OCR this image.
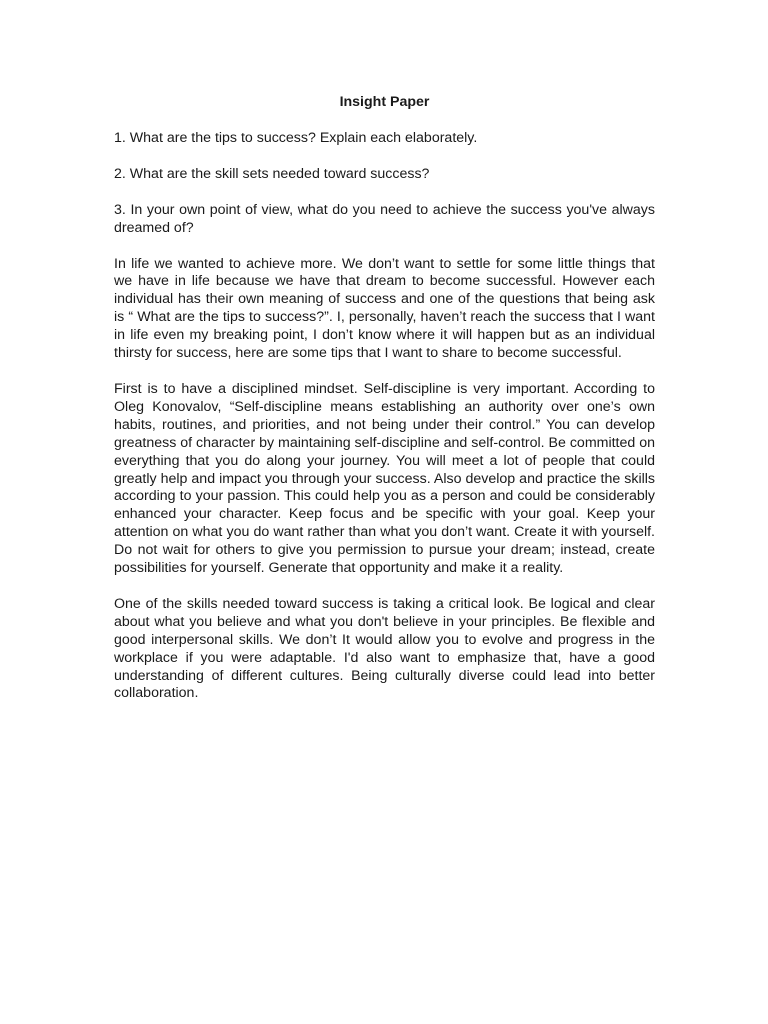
Insight Paper
1. What are the tips to success? Explain each elaborately.
2. What are the skill sets needed toward success?
3. In your own point of view, what do you need to achieve the success you've always dreamed of?

In life we wanted to achieve more. We don’t want to settle for some little things that we have in life because we have that dream to become successful. However each individual has their own meaning of success and one of the questions that being ask is “ What are the tips to success?”. I, personally, haven’t reach the success that I want in life even my breaking point, I don’t know where it will happen but as an individual thirsty for success, here are some tips that I want to share to become successful.

First is to have a disciplined mindset. Self-discipline is very important. According to Oleg Konovalov, “Self-discipline means establishing an authority over one’s own habits, routines, and priorities, and not being under their control.” You can develop greatness of character by maintaining self-discipline and self-control. Be committed on everything that you do along your journey. You will meet a lot of people that could greatly help and impact you through your success. Also develop and practice the skills according to your passion. This could help you as a person and could be considerably enhanced your character. Keep focus and be specific with your goal. Keep your attention on what you do want rather than what you don’t want. Create it with yourself. Do not wait for others to give you permission to pursue your dream; instead, create possibilities for yourself. Generate that opportunity and make it a reality.

One of the skills needed toward success is taking a critical look. Be logical and clear about what you believe and what you don't believe in your principles. Be flexible and good interpersonal skills. We don’t It would allow you to evolve and progress in the workplace if you were adaptable. I'd also want to emphasize that, have a good understanding of different cultures. Being culturally diverse could lead into better collaboration.
